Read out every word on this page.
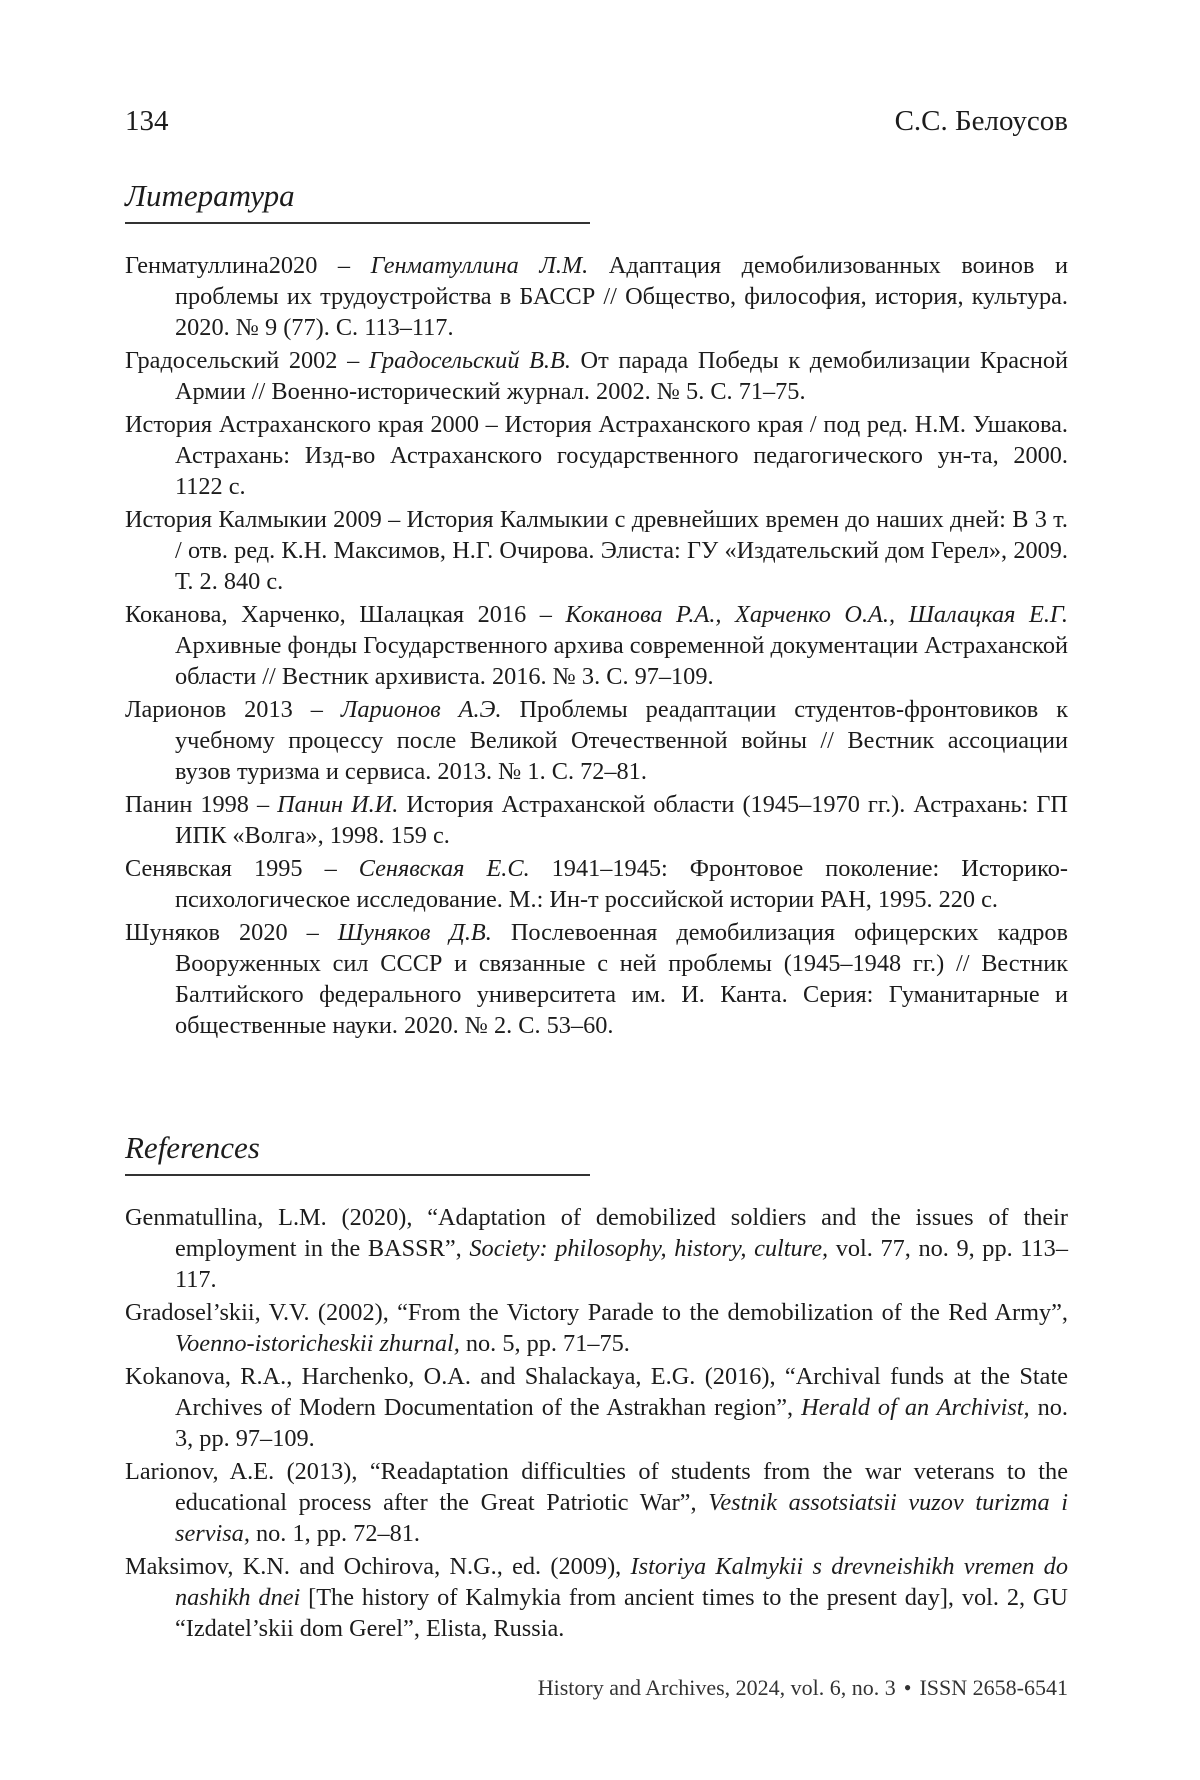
134	С.С. Белоусов
Литература

Генматуллина2020 – Генматуллина Л.М. Адаптация демобилизованных воинов и проблемы их трудоустройства в БАССР // Общество, философия, история, культура. 2020. № 9 (77). С. 113–117.

Градосельский 2002 – Градосельский В.В. От парада Победы к демобилизации Красной Армии // Военно-исторический журнал. 2002. № 5. С. 71–75.

История Астраханского края 2000 – История Астраханского края / под ред. Н.М. Ушакова. Астрахань: Изд-во Астраханского государственного педагогического ун-та, 2000. 1122 с.

История Калмыкии 2009 – История Калмыкии с древнейших времен до наших дней: В 3 т. / отв. ред. К.Н. Максимов, Н.Г. Очирова. Элиста: ГУ «Издательский дом Герел», 2009. Т. 2. 840 с.

Коканова, Харченко, Шалацкая 2016 – Коканова Р.А., Харченко О.А., Шалацкая Е.Г. Архивные фонды Государственного архива современной документации Астраханской области // Вестник архивиста. 2016. № 3. С. 97–109.

Ларионов 2013 – Ларионов А.Э. Проблемы реадаптации студентов-фронтовиков к учебному процессу после Великой Отечественной войны // Вестник ассоциации вузов туризма и сервиса. 2013. № 1. С. 72–81.

Панин 1998 – Панин И.И. История Астраханской области (1945–1970 гг.). Астрахань: ГП ИПК «Волга», 1998. 159 с.

Сенявская 1995 – Сенявская Е.С. 1941–1945: Фронтовое поколение: Историко-психологическое исследование. М.: Ин-т российской истории РАН, 1995. 220 с.

Шуняков 2020 – Шуняков Д.В. Послевоенная демобилизация офицерских кадров Вооруженных сил СССР и связанные с ней проблемы (1945–1948 гг.) // Вестник Балтийского федерального университета им. И. Канта. Серия: Гуманитарные и общественные науки. 2020. № 2. С. 53–60.

References

Genmatullina, L.M. (2020), “Adaptation of demobilized soldiers and the issues of their employment in the BASSR”, Society: philosophy, history, culture, vol. 77, no. 9, pp. 113–117.

Gradosel’skii, V.V. (2002), “From the Victory Parade to the demobilization of the Red Army”, Voenno-istoricheskii zhurnal, no. 5, pp. 71–75.

Kokanova, R.A., Harchenko, O.A. and Shalackaya, E.G. (2016), “Archival funds at the State Archives of Modern Documentation of the Astrakhan region”, Herald of an Archivist, no. 3, pp. 97–109.

Larionov, A.E. (2013), “Readaptation difficulties of students from the war veterans to the educational process after the Great Patriotic War”, Vestnik assotsiatsii vuzov turizma i servisa, no. 1, pp. 72–81.

Maksimov, K.N. and Ochirova, N.G., ed. (2009), Istoriya Kalmykii s drevneishikh vremen do nashikh dnei [The history of Kalmykia from ancient times to the present day], vol. 2, GU “Izdatel’skii dom Gerel”, Elista, Russia.

History and Archives, 2024, vol. 6, no. 3 • ISSN 2658-6541
